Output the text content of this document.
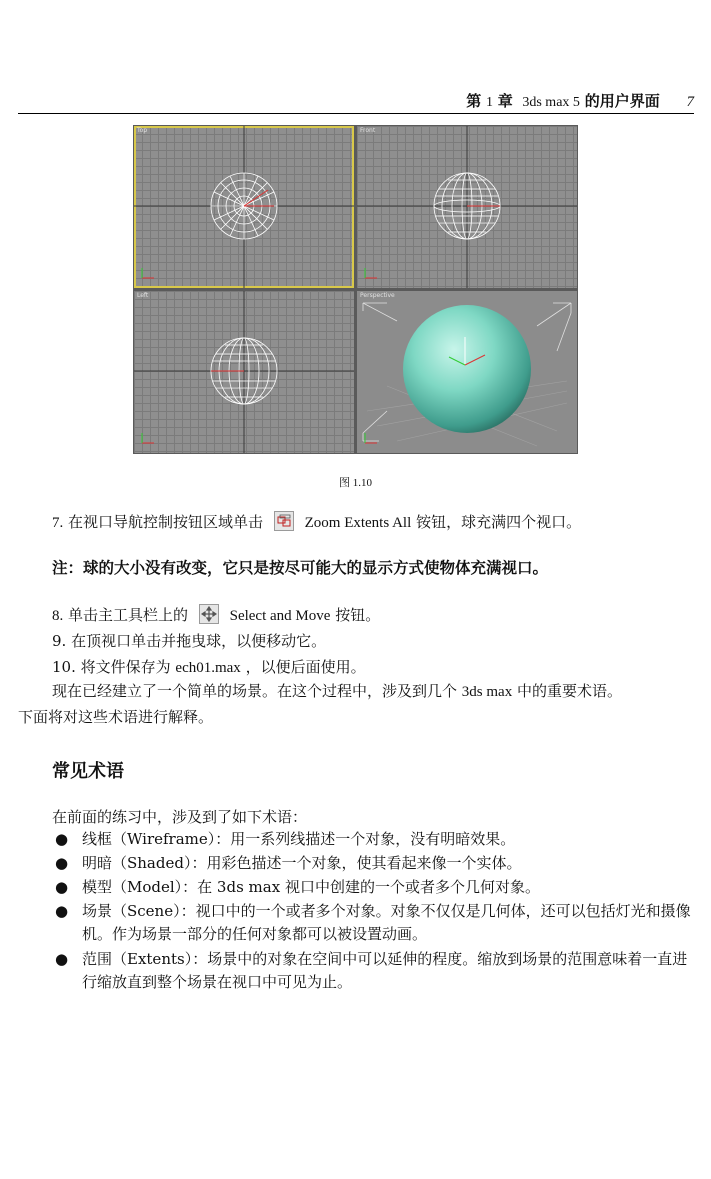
第 1 章 3ds max 5 的用户界面 7
Top	Front
Left	Perspective
图 1.10
7. 在视口导航控制按钮区域单击	Zoom Extents All 铵钮，球充满四个视口。
注：球的大小没有改变，它只是按尽可能大的显示方式使物体充满视口。
8. 单击主工具栏上的	Select and Move 按钮。
9. 在顶视口单击并拖曳球，以便移动它。
10. 将文件保存为 ech01.max ，以便后面使用。
现在已经建立了一个简单的场景。在这个过程中，涉及到几个 3ds max 中的重要术语。
下面将对这些术语进行解释。
常见术语
在前面的练习中，涉及到了如下术语：
● 线框（Wireframe）：用一系列线描述一个对象，没有明暗效果。
● 明暗（Shaded）：用彩色描述一个对象，使其看起来像一个实体。
● 模型（Model）：在 3ds max 视口中创建的一个或者多个几何对象。
● 场景（Scene）：视口中的一个或者多个对象。对象不仅仅是几何体，还可以包括灯光和摄像机。作为场景一部分的任何对象都可以被设置动画。
● 范围（Extents）：场景中的对象在空间中可以延伸的程度。缩放到场景的范围意味着一直进行缩放直到整个场景在视口中可见为止。
